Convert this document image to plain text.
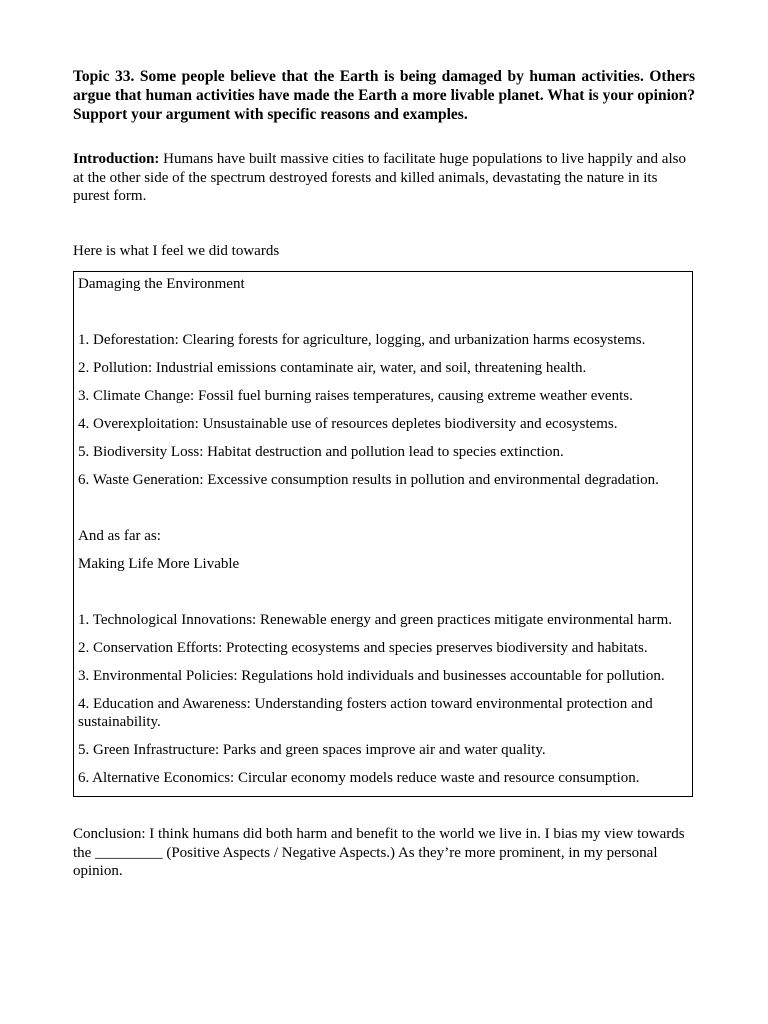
Topic 33. Some people believe that the Earth is being damaged by human activities. Others argue that human activities have made the Earth a more livable planet. What is your opinion? Support your argument with specific reasons and examples.
Introduction: Humans have built massive cities to facilitate huge populations to live happily and also at the other side of the spectrum destroyed forests and killed animals, devastating the nature in its purest form.
Here is what I feel we did towards

Damaging the Environment

1. Deforestation: Clearing forests for agriculture, logging, and urbanization harms ecosystems.

2. Pollution: Industrial emissions contaminate air, water, and soil, threatening health.

3. Climate Change: Fossil fuel burning raises temperatures, causing extreme weather events.

4. Overexploitation: Unsustainable use of resources depletes biodiversity and ecosystems.

5. Biodiversity Loss: Habitat destruction and pollution lead to species extinction.

6. Waste Generation: Excessive consumption results in pollution and environmental degradation.

And as far as:

Making Life More Livable

1. Technological Innovations: Renewable energy and green practices mitigate environmental harm.

2. Conservation Efforts: Protecting ecosystems and species preserves biodiversity and habitats.

3. Environmental Policies: Regulations hold individuals and businesses accountable for pollution.

4. Education and Awareness: Understanding fosters action toward environmental protection and sustainability.

5. Green Infrastructure: Parks and green spaces improve air and water quality.

6. Alternative Economics: Circular economy models reduce waste and resource consumption.

Conclusion: I think humans did both harm and benefit to the world we live in. I bias my view towards the _________ (Positive Aspects / Negative Aspects.) As they’re more prominent, in my personal opinion.
